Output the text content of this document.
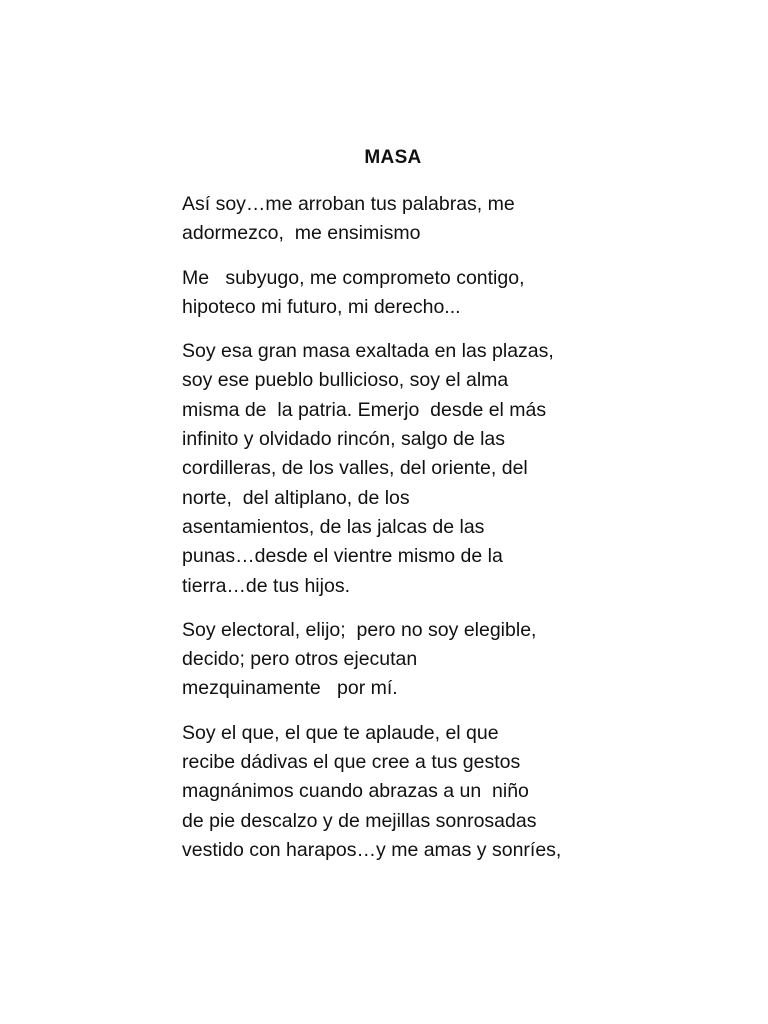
MASA

Así soy…me arroban tus palabras, me
adormezco,  me ensimismo

Me   subyugo, me comprometo contigo,
hipoteco mi futuro, mi derecho...

Soy esa gran masa exaltada en las plazas,
soy ese pueblo bullicioso, soy el alma
misma de  la patria. Emerjo  desde el más
infinito y olvidado rincón, salgo de las
cordilleras, de los valles, del oriente, del
norte,  del altiplano, de los
asentamientos, de las jalcas de las
punas…desde el vientre mismo de la
tierra…de tus hijos.

Soy electoral, elijo;  pero no soy elegible,
decido; pero otros ejecutan
mezquinamente   por mí.

Soy el que, el que te aplaude, el que
recibe dádivas el que cree a tus gestos
magnánimos cuando abrazas a un  niño
de pie descalzo y de mejillas sonrosadas
vestido con harapos…y me amas y sonríes,
